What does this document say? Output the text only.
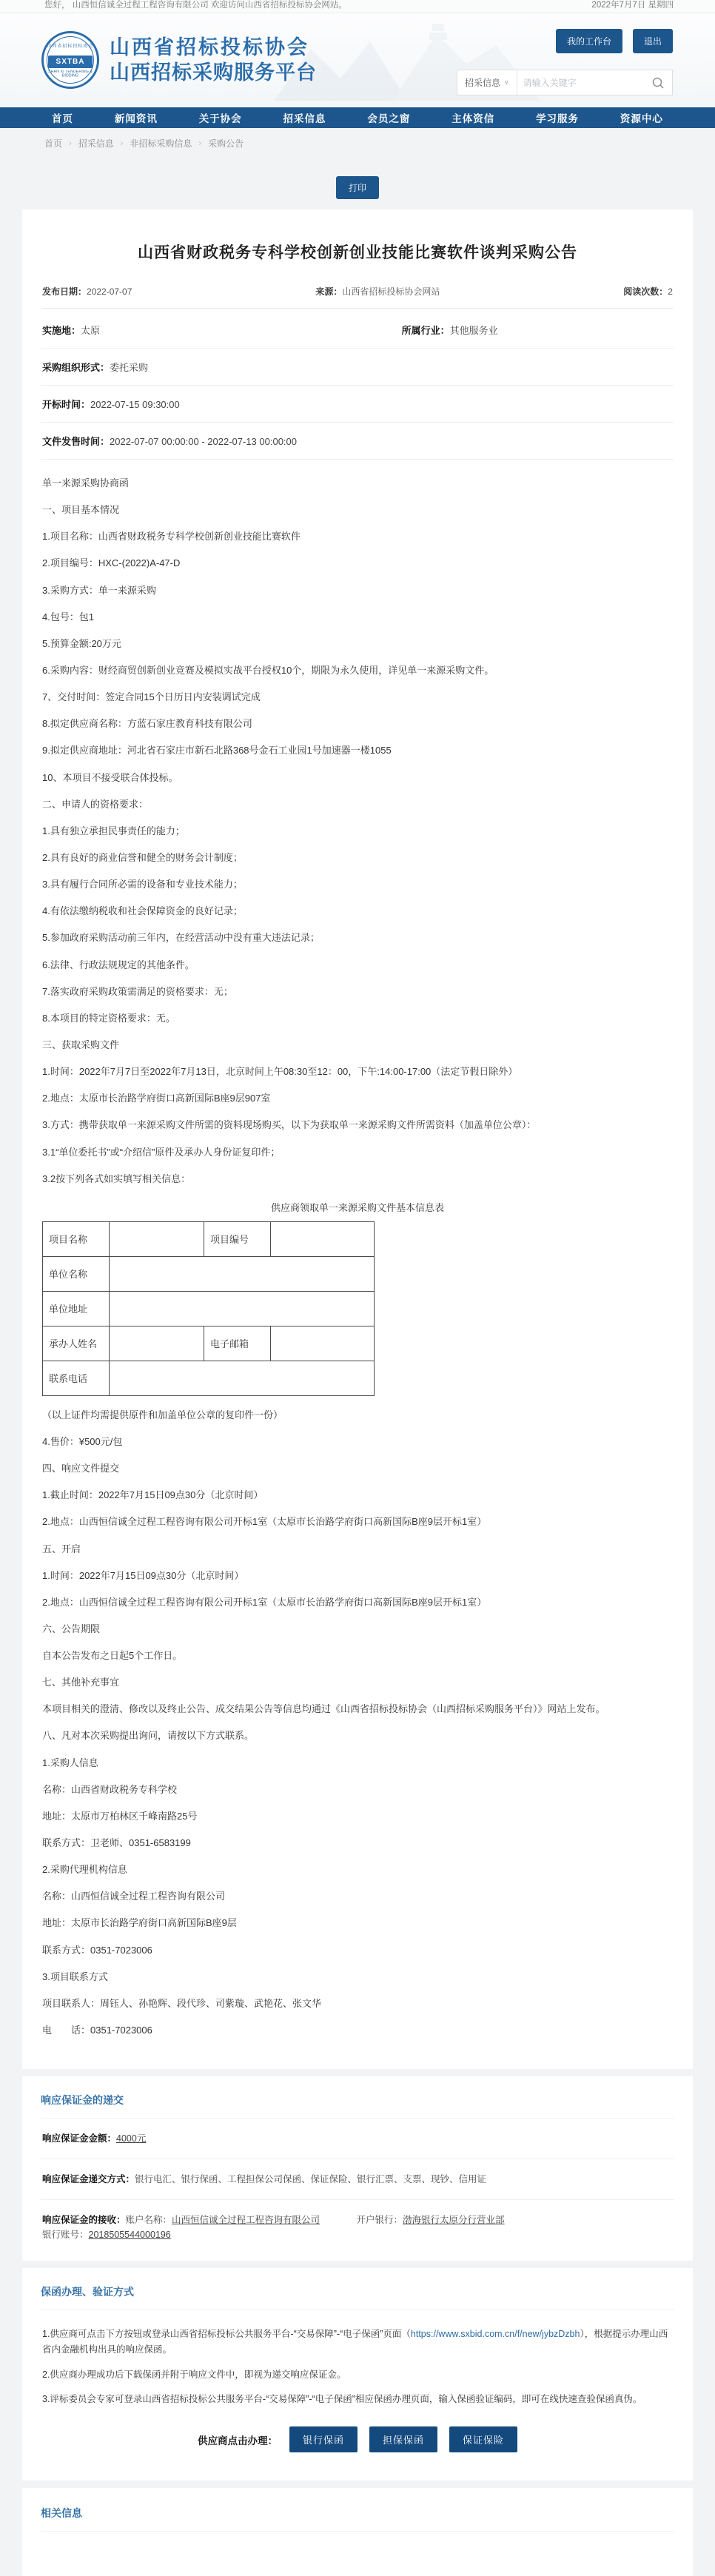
您好， 山西恒信诚全过程工程咨询有限公司 欢迎访问山西省招标投标协会网站。	2022年7月7日 星期四
山西省招标投标协会
SXTBA
SHAN XI TENDERING & BIDDING
山西省招标投标协会
山西招标采购服务平台
我的工作台	退出
招采信息 ∨
请输入关键字
首页	新闻资讯	关于协会	招采信息	会员之窗	主体资信	学习服务	资源中心
首页 › 招采信息 › 非招标采购信息 › 采购公告
打印
山西省财政税务专科学校创新创业技能比赛软件谈判采购公告
发布日期：2022-07-07	来源：山西省招标投标协会网站	阅读次数：2
实施地：太原	所属行业：其他服务业
采购组织形式：委托采购
开标时间：2022-07-15 09:30:00
文件发售时间：2022-07-07 00:00:00 - 2022-07-13 00:00:00
单一来源采购协商函
一、项目基本情况
1.项目名称：山西省财政税务专科学校创新创业技能比赛软件
2.项目编号：HXC-(2022)A-47-D
3.采购方式：单一来源采购
4.包号：包1
5.预算金额:20万元
6.采购内容：财经商贸创新创业竞赛及模拟实战平台授权10个，期限为永久使用，详见单一来源采购文件。
7、交付时间：签定合同15个日历日内安装调试完成
8.拟定供应商名称：方蓝石家庄教育科技有限公司
9.拟定供应商地址：河北省石家庄市新石北路368号金石工业园1号加速器一楼1055
10、本项目不接受联合体投标。
二、申请人的资格要求：
1.具有独立承担民事责任的能力；
2.具有良好的商业信誉和健全的财务会计制度；
3.具有履行合同所必需的设备和专业技术能力；
4.有依法缴纳税收和社会保障资金的良好记录；
5.参加政府采购活动前三年内，在经营活动中没有重大违法记录；
6.法律、行政法规规定的其他条件。
7.落实政府采购政策需满足的资格要求：无；
8.本项目的特定资格要求：无。
三、获取采购文件
1.时间：2022年7月7日至2022年7月13日，北京时间上午08:30至12：00，下午:14:00-17:00（法定节假日除外）
2.地点：太原市长治路学府街口高新国际B座9层907室
3.方式：携带获取单一来源采购文件所需的资料现场购买，以下为获取单一来源采购文件所需资料（加盖单位公章）：
3.1“单位委托书”或“介绍信”原件及承办人身份证复印件；
3.2按下列各式如实填写相关信息：
供应商领取单一来源采购文件基本信息表
项目名称		项目编号	
单位名称			
单位地址			
承办人姓名		电子邮箱	
联系电话			
（以上证件均需提供原件和加盖单位公章的复印件一份）
4.售价：¥500元/包
四、响应文件提交
1.截止时间：2022年7月15日09点30分（北京时间）
2.地点：山西恒信诚全过程工程咨询有限公司开标1室（太原市长治路学府街口高新国际B座9层开标1室）
五、开启
1.时间：2022年7月15日09点30分（北京时间）
2.地点：山西恒信诚全过程工程咨询有限公司开标1室（太原市长治路学府街口高新国际B座9层开标1室）
六、公告期限
自本公告发布之日起5个工作日。
七、其他补充事宜
本项目相关的澄清、修改以及终止公告、成交结果公告等信息均通过《山西省招标投标协会（山西招标采购服务平台）》网站上发布。
八、凡对本次采购提出询问，请按以下方式联系。
1.采购人信息
名称：山西省财政税务专科学校
地址：太原市万柏林区千峰南路25号
联系方式：卫老师、0351-6583199
2.采购代理机构信息
名称：山西恒信诚全过程工程咨询有限公司
地址：太原市长治路学府街口高新国际B座9层
联系方式：0351-7023006
3.项目联系方式
项目联系人：周钰人、孙艳辉、段代珍、司紫璇、武艳花、张文华
电　　话：0351-7023006
响应保证金的递交
响应保证金金额：4000元
响应保证金递交方式：银行电汇、银行保函、工程担保公司保函、保证保险、银行汇票、支票、现钞、信用证
响应保证金的接收：账户名称：山西恒信诚全过程工程咨询有限公司	开户银行：渤海银行太原分行营业部 银行账号：2018505544000196
保函办理、验证方式
1.供应商可点击下方按钮或登录山西省招标投标公共服务平台-“交易保障”-“电子保函”页面（https://www.sxbid.com.cn/f/new/jybzDzbh），根据提示办理山西省内金融机构出具的响应保函。
2.供应商办理成功后下载保函并附于响应文件中，即视为递交响应保证金。
3.评标委员会专家可登录山西省招标投标公共服务平台-“交易保障”-“电子保函”相应保函办理页面，输入保函验证编码，即可在线快速查验保函真伪。
供应商点击办理：	银行保函	担保保函	保证保险
相关信息
